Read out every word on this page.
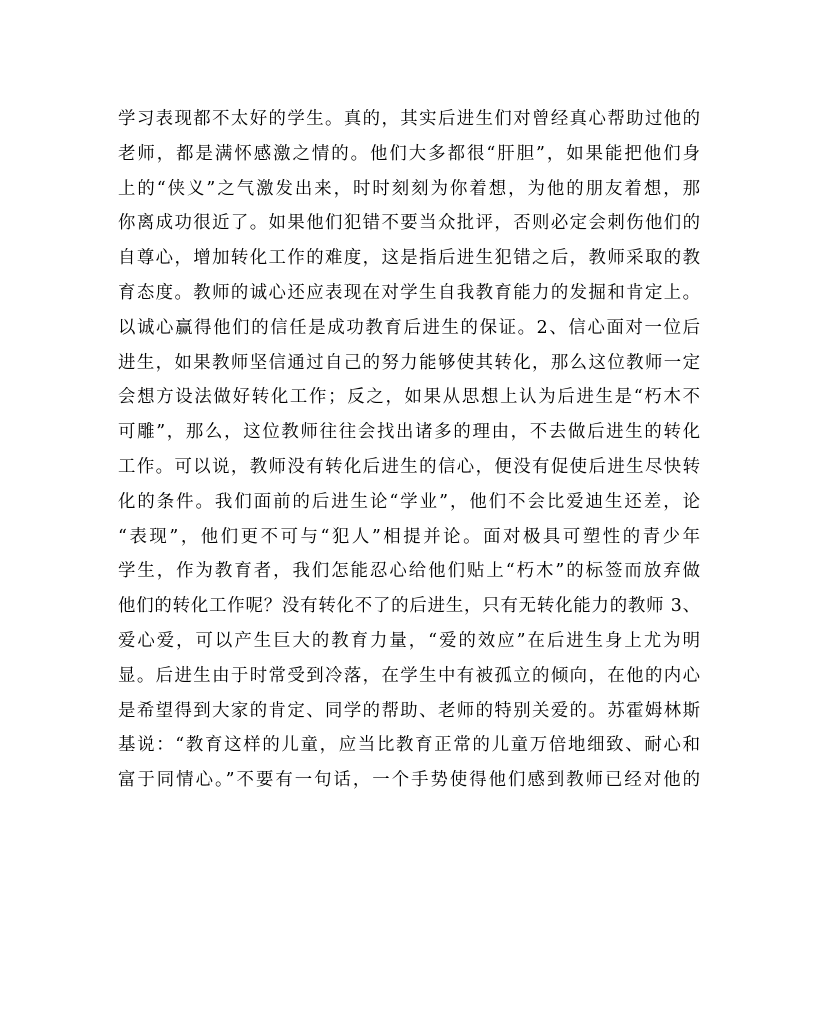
学习表现都不太好的学生。真的，其实后进生们对曾经真心帮助过他的
老师，都是满怀感激之情的。他们大多都很“肝胆”，如果能把他们身
上的“侠义”之气激发出来，时时刻刻为你着想，为他的朋友着想，那
你离成功很近了。如果他们犯错不要当众批评，否则必定会刺伤他们的
自尊心，增加转化工作的难度，这是指后进生犯错之后，教师采取的教
育态度。教师的诚心还应表现在对学生自我教育能力的发掘和肯定上。
以诚心赢得他们的信任是成功教育后进生的保证。2、信心面对一位后
进生，如果教师坚信通过自己的努力能够使其转化，那么这位教师一定
会想方设法做好转化工作；反之，如果从思想上认为后进生是“朽木不
可雕”，那么，这位教师往往会找出诸多的理由，不去做后进生的转化
工作。可以说，教师没有转化后进生的信心，便没有促使后进生尽快转
化的条件。我们面前的后进生论“学业”，他们不会比爱迪生还差，论
“表现”，他们更不可与“犯人”相提并论。面对极具可塑性的青少年
学生，作为教育者，我们怎能忍心给他们贴上“朽木”的标签而放弃做
他们的转化工作呢？没有转化不了的后进生，只有无转化能力的教师 3、
爱心爱，可以产生巨大的教育力量，“爱的效应”在后进生身上尤为明
显。后进生由于时常受到冷落，在学生中有被孤立的倾向，在他的内心
是希望得到大家的肯定、同学的帮助、老师的特别关爱的。苏霍姆林斯
基说：“教育这样的儿童，应当比教育正常的儿童万倍地细致、耐心和
富于同情心。”不要有一句话，一个手势使得他们感到教师已经对他的
